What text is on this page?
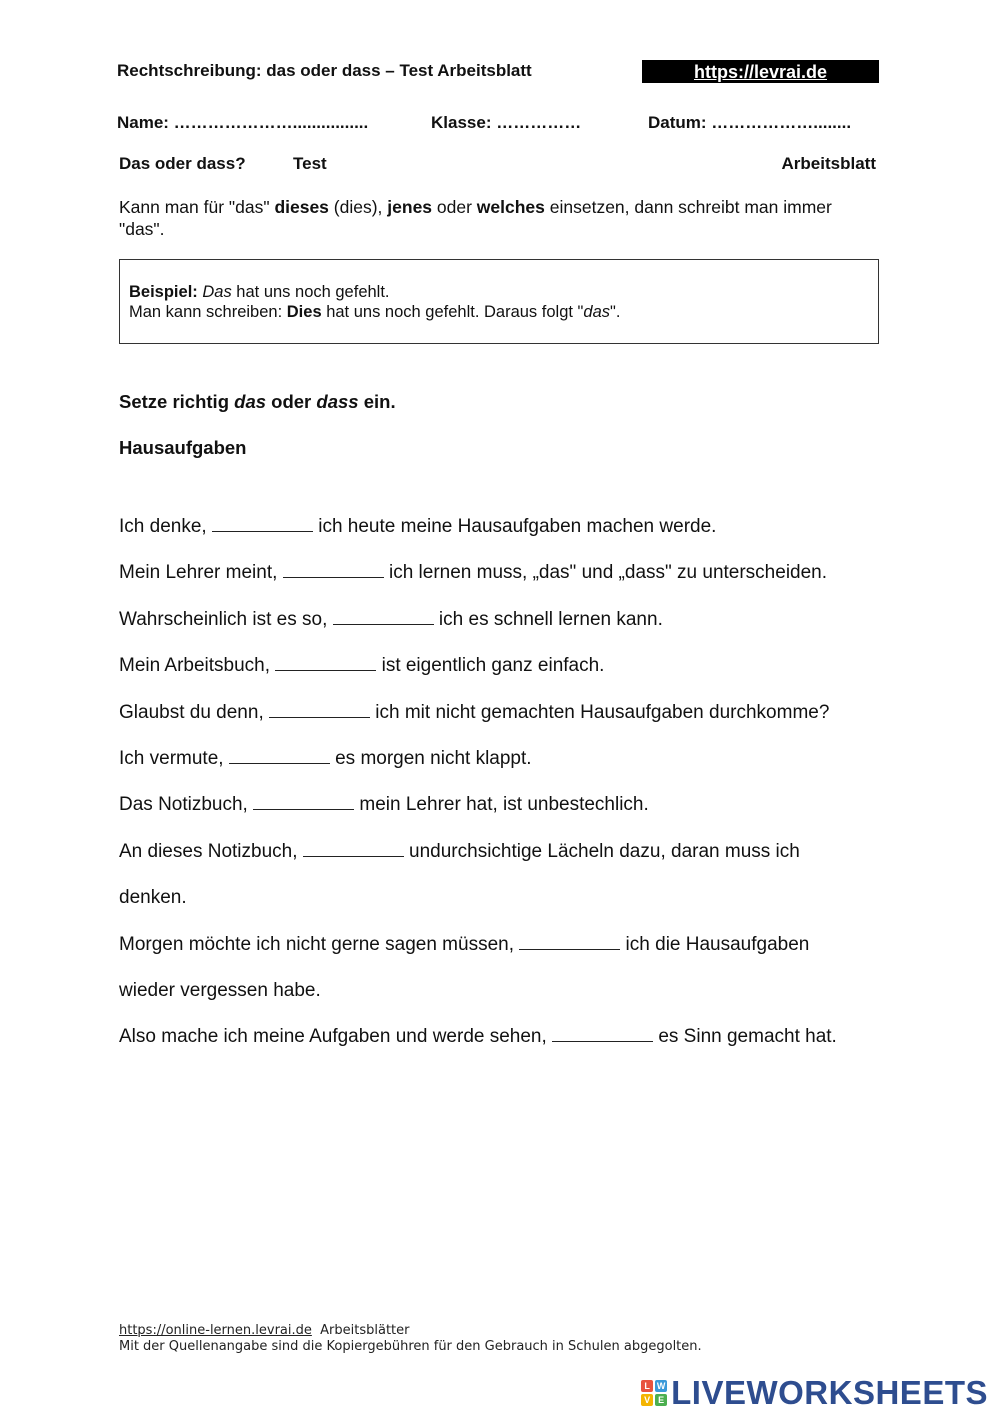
Rechtschreibung: das oder dass – Test Arbeitsblatt	https://levrai.de
Name: …………………................	Klasse: ……………	Datum: ………………........
Das oder dass?	Test	Arbeitsblatt
Kann man für "das" dieses (dies), jenes oder welches einsetzen, dann schreibt man immer "das".
Beispiel: Das hat uns noch gefehlt.
Man kann schreiben: Dies hat uns noch gefehlt. Daraus folgt "das".
Setze richtig das oder dass ein.
Hausaufgaben
Ich denke,	ich heute meine Hausaufgaben machen werde.
Mein Lehrer meint,	ich lernen muss, „das" und „dass" zu unterscheiden.
Wahrscheinlich ist es so,	ich es schnell lernen kann.
Mein Arbeitsbuch,	ist eigentlich ganz einfach.
Glaubst du denn,	ich mit nicht gemachten Hausaufgaben durchkomme?
Ich vermute,	es morgen nicht klappt.
Das Notizbuch,	mein Lehrer hat, ist unbestechlich.
An dieses Notizbuch,	undurchsichtige Lächeln dazu, daran muss ich
denken.
Morgen möchte ich nicht gerne sagen müssen,	ich die Hausaufgaben
wieder vergessen habe.
Also mache ich meine Aufgaben und werde sehen,	es Sinn gemacht hat.
https://online-lernen.levrai.de  Arbeitsblätter
Mit der Quellenangabe sind die Kopiergebühren für den Gebrauch in Schulen abgegolten.
L W
V E LIVEWORKSHEETS
